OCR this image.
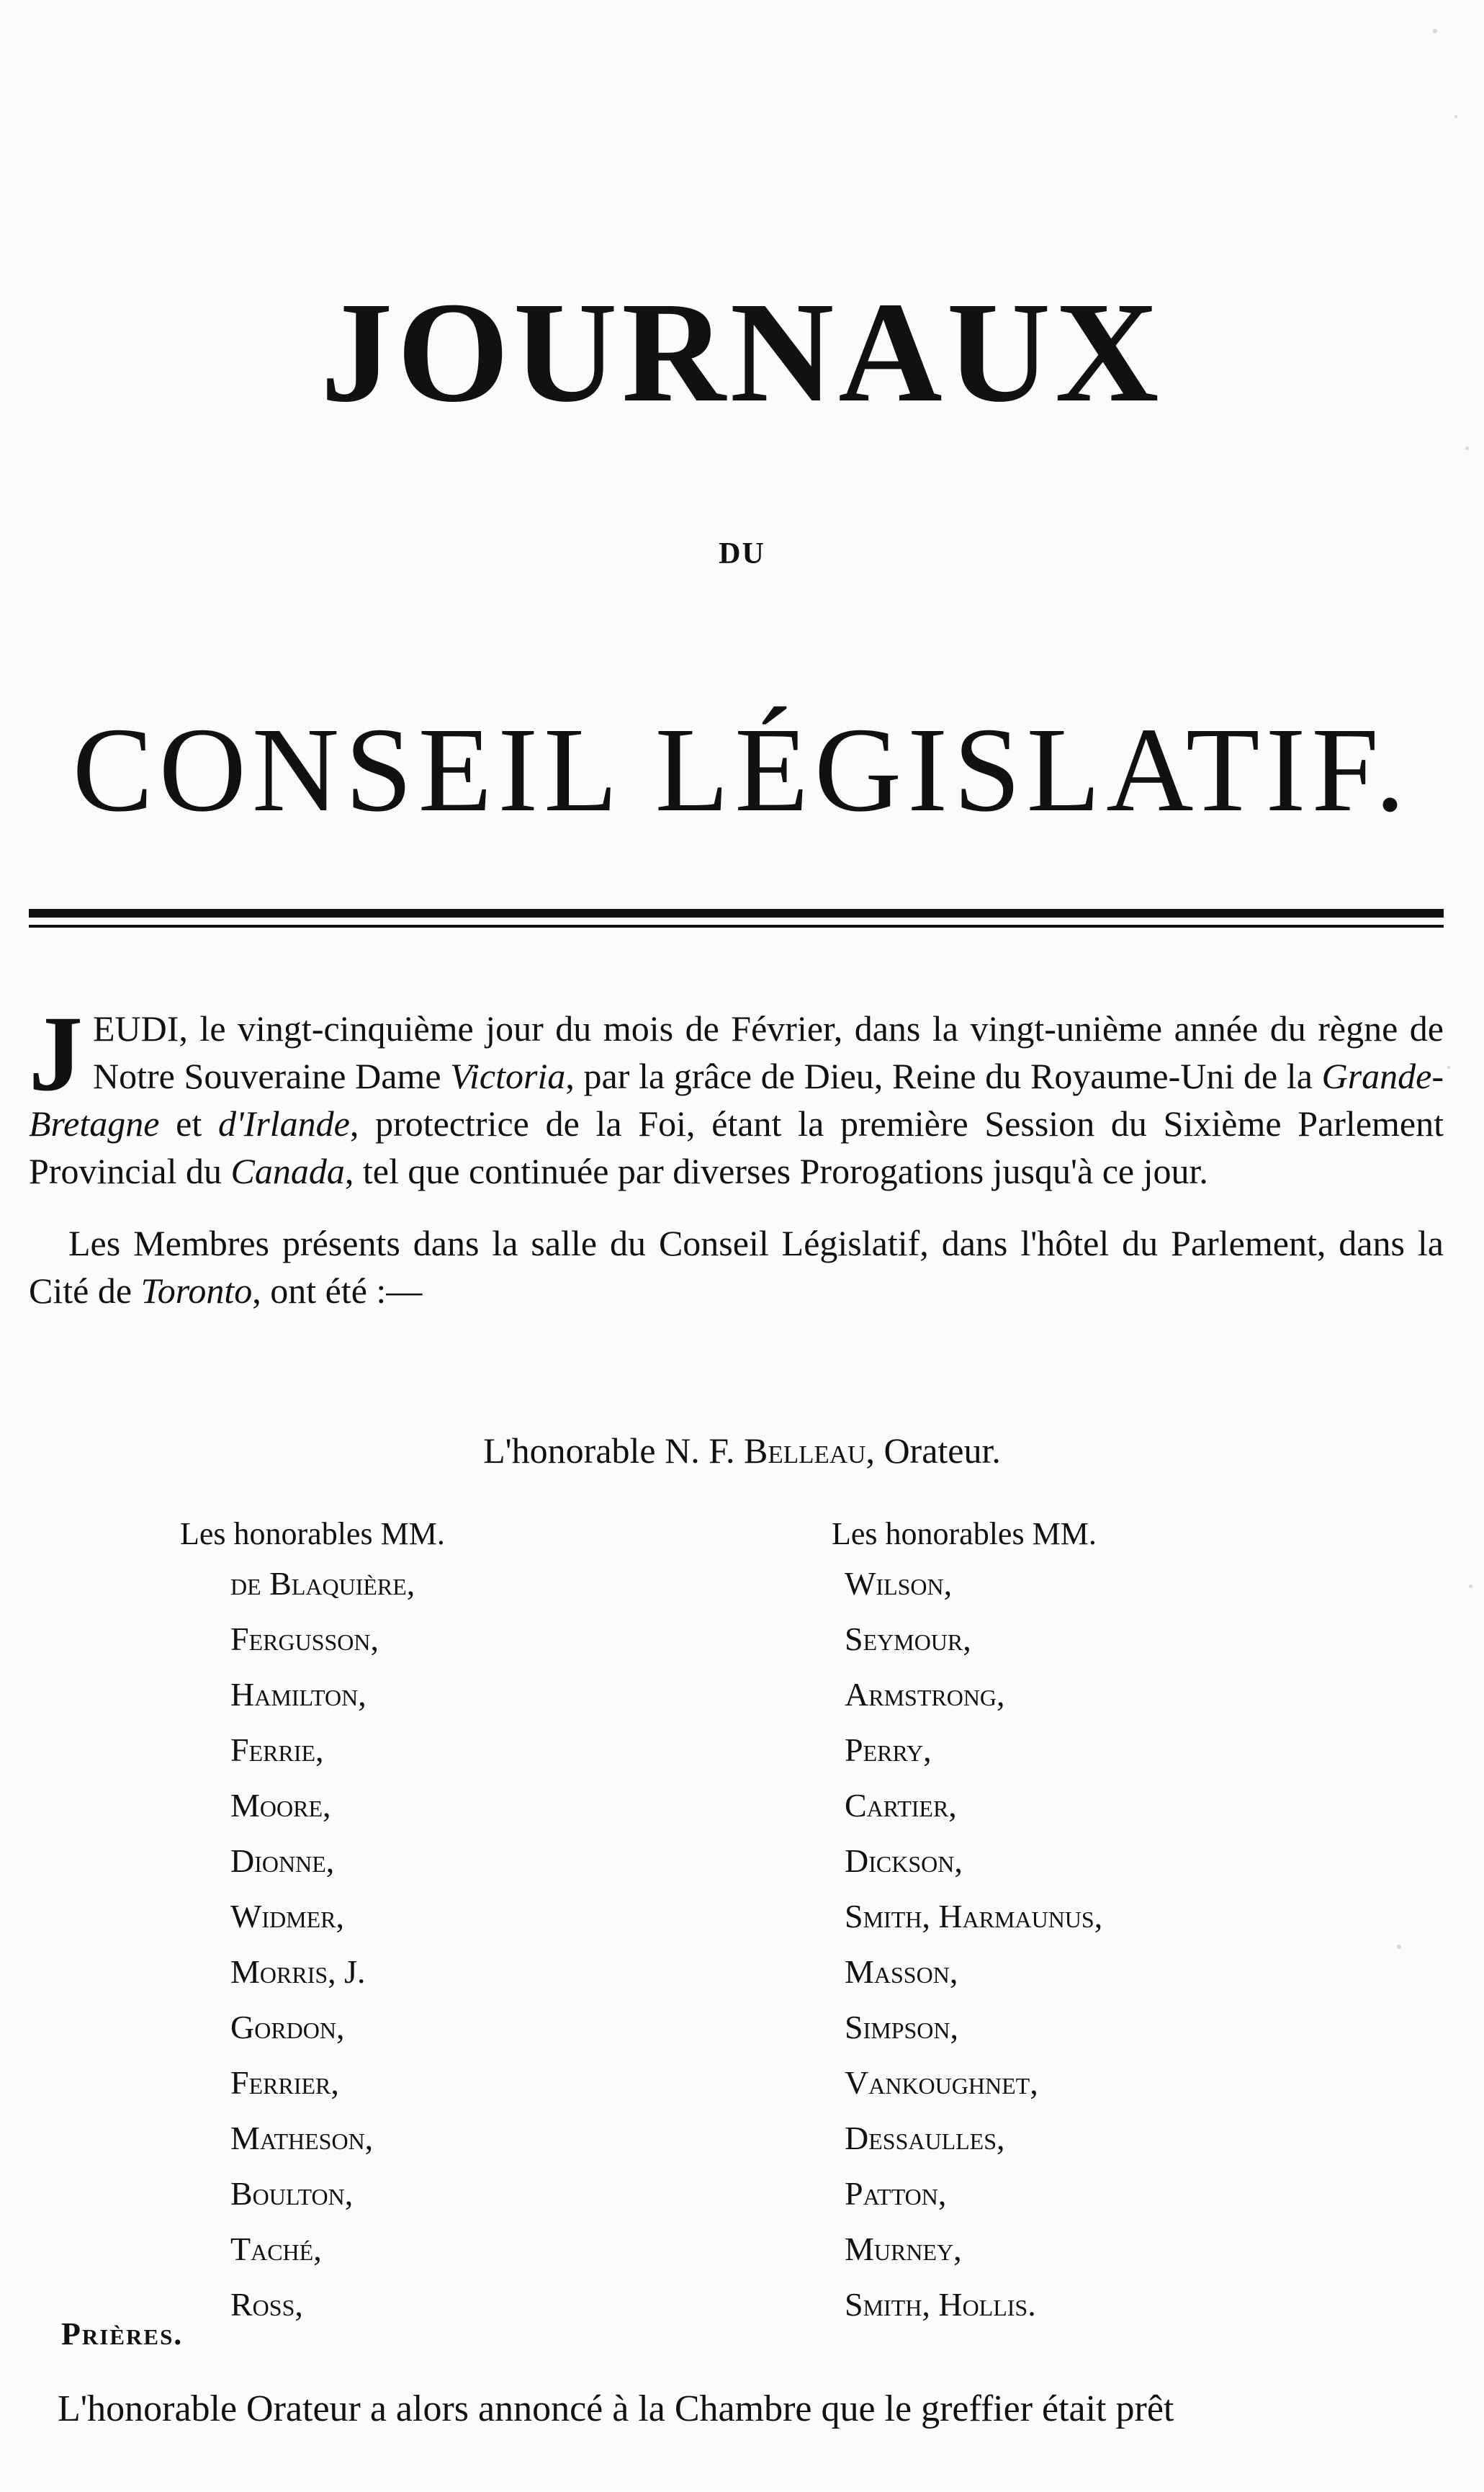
JOURNAUX
DU
CONSEIL LÉGISLATIF.

JEUDI, le vingt-cinquième jour du mois de Février, dans la vingt-unième année du règne de Notre Souveraine Dame Victoria, par la grâce de Dieu, Reine du Royaume-Uni de la Grande-Bretagne et d'Irlande, protectrice de la Foi, étant la première Session du Sixième Parlement Provincial du Canada, tel que continuée par diverses Prorogations jusqu'à ce jour.

Les Membres présents dans la salle du Conseil Législatif, dans l'hôtel du Parlement, dans la Cité de Toronto, ont été :—

L'honorable N. F. Belleau, Orateur.
Les honorables MM.
de Blaquière,
Fergusson,
Hamilton,
Ferrie,
Moore,
Dionne,
Widmer,
Morris, J.
Gordon,
Ferrier,
Matheson,
Boulton,
Taché,
Ross,
Les honorables MM.
Wilson,
Seymour,
Armstrong,
Perry,
Cartier,
Dickson,
Smith, Harmaunus,
Masson,
Simpson,
Vankoughnet,
Dessaulles,
Patton,
Murney,
Smith, Hollis.
Prières.
L'honorable Orateur a alors annoncé à la Chambre que le greffier était prêt
